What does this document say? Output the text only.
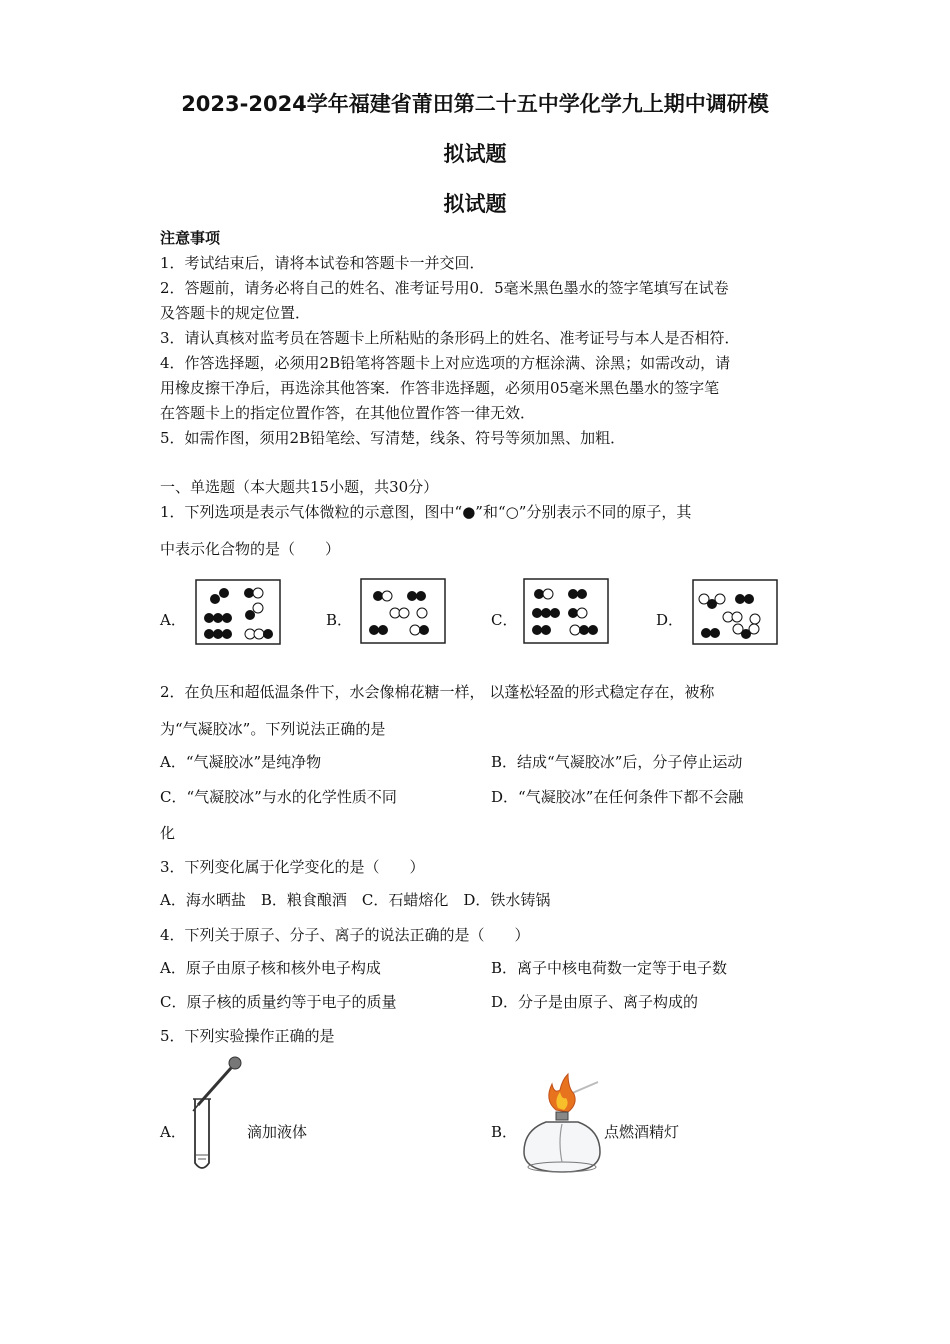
2023-2024学年福建省莆田第二十五中学化学九上期中调研模
拟试题
拟试题
注意事项
1．考试结束后，请将本试卷和答题卡一并交回．
2．答题前，请务必将自己的姓名、准考证号用0．5毫米黑色墨水的签字笔填写在试卷
及答题卡的规定位置．
3．请认真核对监考员在答题卡上所粘贴的条形码上的姓名、准考证号与本人是否相符．
4．作答选择题，必须用2B铅笔将答题卡上对应选项的方框涂满、涂黑；如需改动，请
用橡皮擦干净后，再选涂其他答案．作答非选择题，必须用05毫米黑色墨水的签字笔
在答题卡上的指定位置作答，在其他位置作答一律无效．
5．如需作图，须用2B铅笔绘、写清楚，线条、符号等须加黑、加粗．
一、单选题（本大题共15小题，共30分）
1．下列选项是表示气体微粒的示意图，图中“●”和“○”分别表示不同的原子，其
中表示化合物的是（　　）
A．	B．	C．	D．
2．在负压和超低温条件下，水会像棉花糖一样， 以蓬松轻盈的形式稳定存在，被称
为“气凝胶冰”。下列说法正确的是
A．“气凝胶冰”是纯净物	B．结成“气凝胶冰”后，分子停止运动
C．“气凝胶冰”与水的化学性质不同	D．“气凝胶冰”在任何条件下都不会融
化
3．下列变化属于化学变化的是（　　）
A．海水晒盐　B．粮食酿酒　C．石蜡熔化　D．铁水铸锅
4．下列关于原子、分子、离子的说法正确的是（　　）
A．原子由原子核和核外电子构成	B．离子中核电荷数一定等于电子数
C．原子核的质量约等于电子的质量	D．分子是由原子、离子构成的
5．下列实验操作正确的是
A．	滴加液体	B．	点燃酒精灯
